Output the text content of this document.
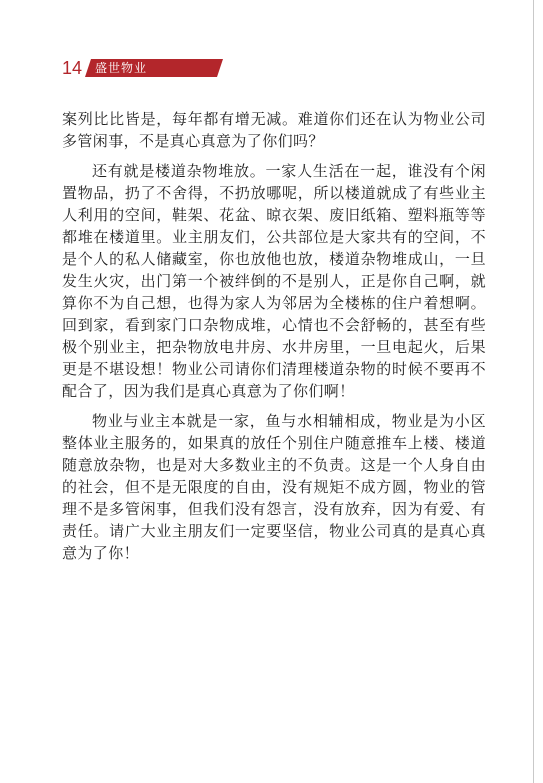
14 盛世物业

案列比比皆是，每年都有增无减。难道你们还在认为物业公司多管闲事，不是真心真意为了你们吗？

还有就是楼道杂物堆放。一家人生活在一起，谁没有个闲置物品，扔了不舍得，不扔放哪呢，所以楼道就成了有些业主人利用的空间，鞋架、花盆、晾衣架、废旧纸箱、塑料瓶等等都堆在楼道里。业主朋友们，公共部位是大家共有的空间，不是个人的私人储藏室，你也放他也放，楼道杂物堆成山，一旦发生火灾，出门第一个被绊倒的不是别人，正是你自己啊，就算你不为自己想，也得为家人为邻居为全楼栋的住户着想啊。回到家，看到家门口杂物成堆，心情也不会舒畅的，甚至有些极个别业主，把杂物放电井房、水井房里，一旦电起火，后果更是不堪设想！物业公司请你们清理楼道杂物的时候不要再不配合了，因为我们是真心真意为了你们啊！

物业与业主本就是一家，鱼与水相辅相成，物业是为小区整体业主服务的，如果真的放任个别住户随意推车上楼、楼道随意放杂物，也是对大多数业主的不负责。这是一个人身自由的社会，但不是无限度的自由，没有规矩不成方圆，物业的管理不是多管闲事，但我们没有怨言，没有放弃，因为有爱、有责任。请广大业主朋友们一定要坚信，物业公司真的是真心真意为了你！
